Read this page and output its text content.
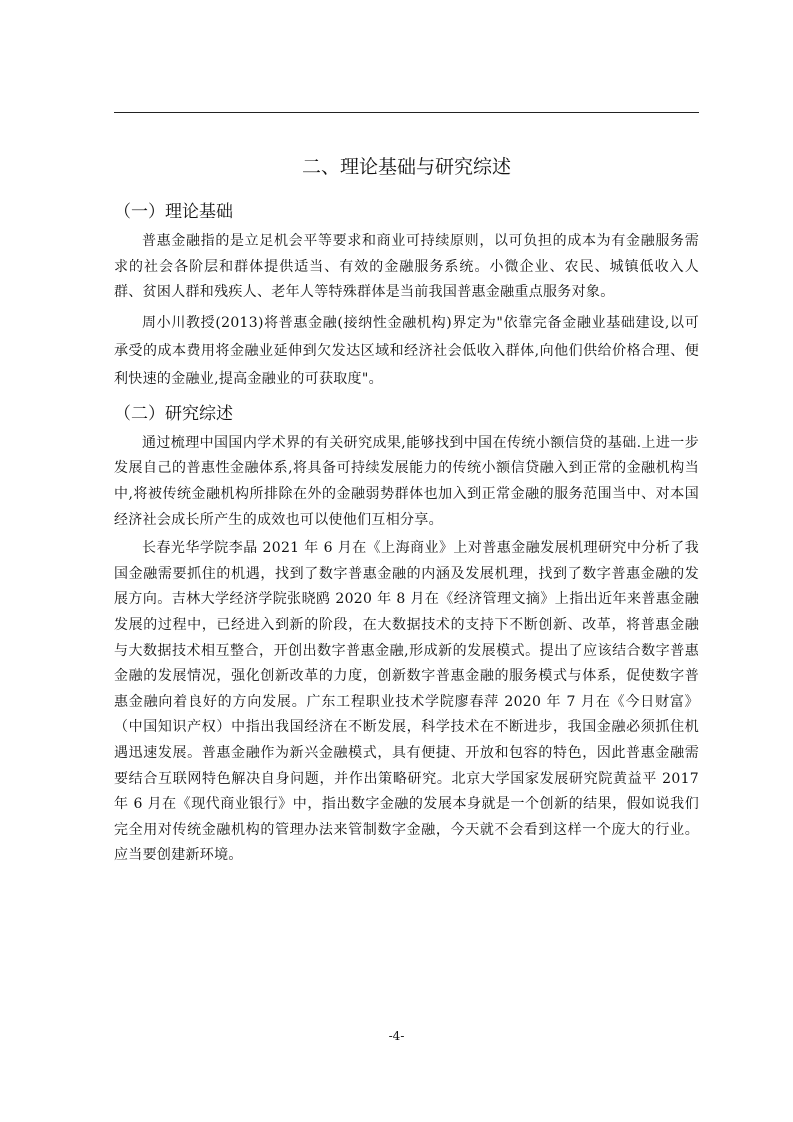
二、理论基础与研究综述
（一）理论基础

普惠金融指的是立足机会平等要求和商业可持续原则，以可负担的成本为有金融服务需求的社会各阶层和群体提供适当、有效的金融服务系统。小微企业、农民、城镇低收入人群、贫困人群和残疾人、老年人等特殊群体是当前我国普惠金融重点服务对象。

周小川教授(2013)将普惠金融(接纳性金融机构)界定为"依靠完备金融业基础建设,以可承受的成本费用将金融业延伸到欠发达区域和经济社会低收入群体,向他们供给价格合理、便利快速的金融业,提高金融业的可获取度"。

（二）研究综述

通过梳理中国国内学术界的有关研究成果,能够找到中国在传统小额信贷的基础.上进一步发展自己的普惠性金融体系,将具备可持续发展能力的传统小额信贷融入到正常的金融机构当中,将被传统金融机构所排除在外的金融弱势群体也加入到正常金融的服务范围当中、对本国经济社会成长所产生的成效也可以使他们互相分享。

长春光华学院李晶 2021 年 6 月在《上海商业》上对普惠金融发展机理研究中分析了我国金融需要抓住的机遇，找到了数字普惠金融的内涵及发展机理，找到了数字普惠金融的发展方向。吉林大学经济学院张晓鸥 2020 年 8 月在《经济管理文摘》上指出近年来普惠金融发展的过程中，已经进入到新的阶段，在大数据技术的支持下不断创新、改革，将普惠金融与大数据技术相互整合，开创出数字普惠金融,形成新的发展模式。提出了应该结合数字普惠金融的发展情况，强化创新改革的力度，创新数字普惠金融的服务模式与体系，促使数字普惠金融向着良好的方向发展。广东工程职业技术学院廖春萍 2020 年 7 月在《今日财富》（中国知识产权）中指出我国经济在不断发展，科学技术在不断进步，我国金融必须抓住机遇迅速发展。普惠金融作为新兴金融模式，具有便捷、开放和包容的特色，因此普惠金融需要结合互联网特色解决自身问题，并作出策略研究。北京大学国家发展研究院黄益平 2017 年 6 月在《现代商业银行》中，指出数字金融的发展本身就是一个创新的结果，假如说我们完全用对传统金融机构的管理办法来管制数字金融，今天就不会看到这样一个庞大的行业。应当要创建新环境。

-4-
